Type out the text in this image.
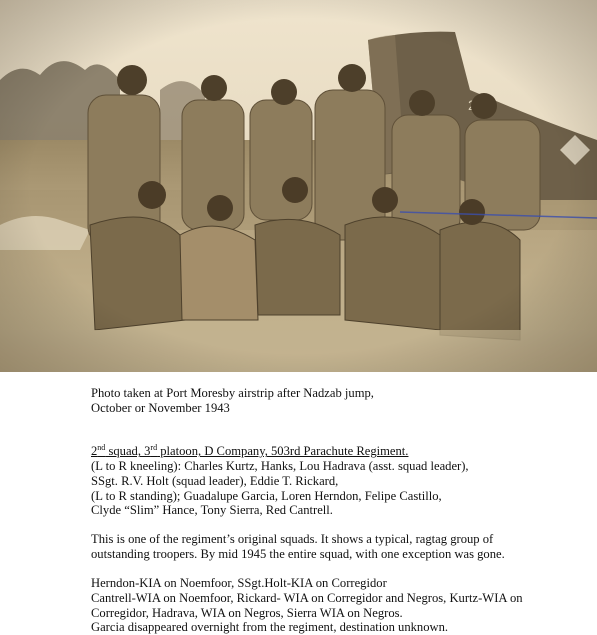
Photo taken at Port Moresby airstrip after Nadzab jump,

October or November 1943

2nd squad, 3rd platoon, D Company, 503rd Parachute Regiment.

(L to R kneeling): Charles Kurtz, Hanks, Lou Hadrava (asst. squad leader),

SSgt. R.V. Holt (squad leader), Eddie T. Rickard,

(L to R standing); Guadalupe Garcia, Loren Herndon, Felipe Castillo,

Clyde “Slim” Hance, Tony Sierra, Red Cantrell.

This is one of the regiment’s original squads. It shows a typical, ragtag group of

outstanding troopers. By mid 1945 the entire squad, with one exception was gone.

Herndon-KIA on Noemfoor, SSgt.Holt-KIA on Corregidor

Cantrell-WIA on Noemfoor, Rickard- WIA on Corregidor and Negros, Kurtz-WIA on

Corregidor, Hadrava, WIA on Negros, Sierra WIA on Negros.

Garcia disappeared overnight from the regiment, destination unknown.
